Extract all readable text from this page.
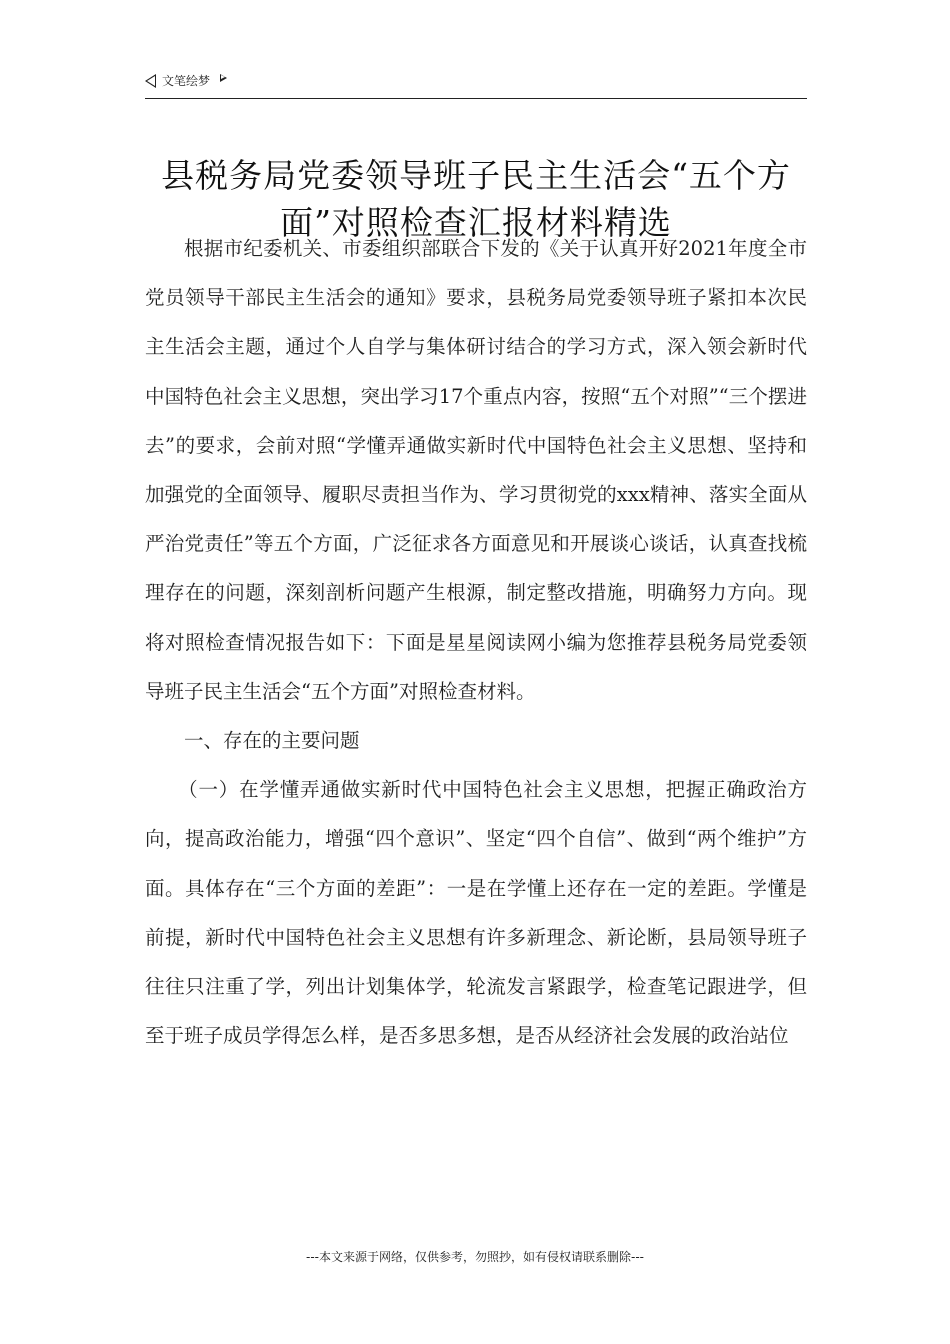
文笔绘梦
县税务局党委领导班子民主生活会“五个方面”对照检查汇报材料精选

根据市纪委机关、市委组织部联合下发的《关于认真开好2021年度全市党员领导干部民主生活会的通知》要求，县税务局党委领导班子紧扣本次民主生活会主题，通过个人自学与集体研讨结合的学习方式，深入领会新时代中国特色社会主义思想，突出学习17个重点内容，按照“五个对照”“三个摆进去”的要求，会前对照“学懂弄通做实新时代中国特色社会主义思想、坚持和加强党的全面领导、履职尽责担当作为、学习贯彻党的xxx精神、落实全面从严治党责任”等五个方面，广泛征求各方面意见和开展谈心谈话，认真查找梳理存在的问题，深刻剖析问题产生根源，制定整改措施，明确努力方向。现将对照检查情况报告如下：下面是星星阅读网小编为您推荐县税务局党委领导班子民主生活会“五个方面”对照检查材料。

一、存在的主要问题

（一）在学懂弄通做实新时代中国特色社会主义思想，把握正确政治方向，提高政治能力，增强“四个意识”、坚定“四个自信”、做到“两个维护”方面。具体存在“三个方面的差距”：一是在学懂上还存在一定的差距。学懂是前提，新时代中国特色社会主义思想有许多新理念、新论断，县局领导班子往往只注重了学，列出计划集体学，轮流发言紧跟学，检查笔记跟进学，但至于班子成员学得怎么样，是否多思多想，是否从经济社会发展的政治站位

---本文来源于网络，仅供参考，勿照抄，如有侵权请联系删除---
